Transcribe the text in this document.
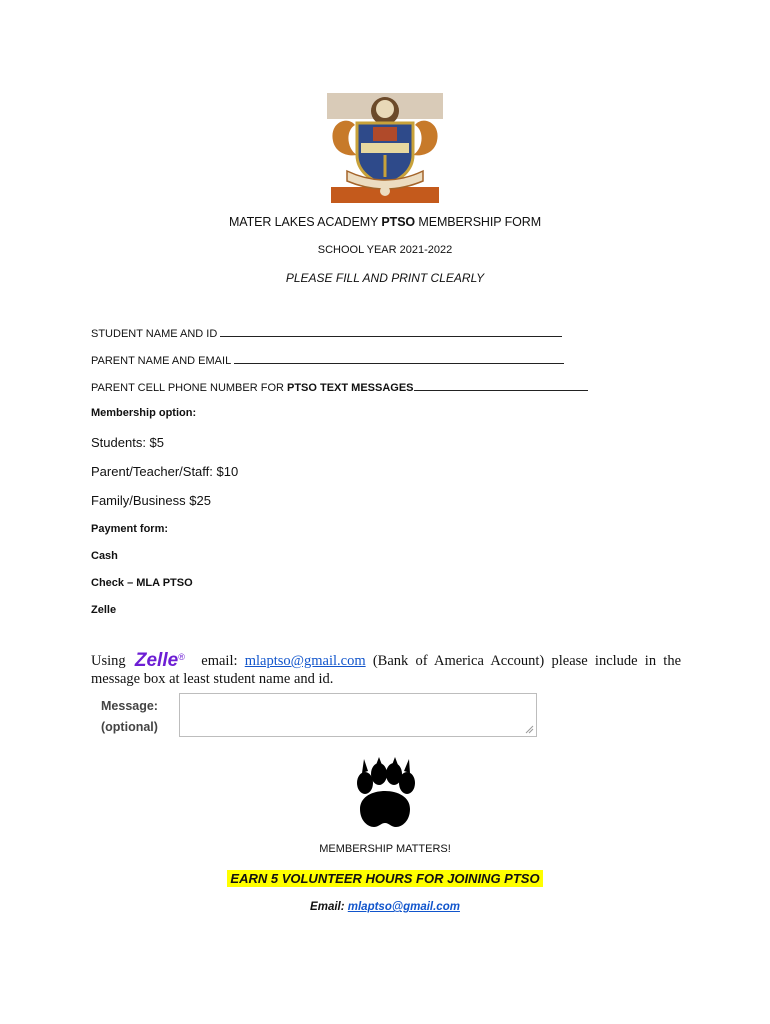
MATER LAKES ACADEMY PTSO MEMBERSHIP FORM
SCHOOL YEAR 2021-2022
PLEASE FILL AND PRINT CLEARLY
STUDENT NAME AND ID
PARENT NAME AND EMAIL
PARENT CELL PHONE NUMBER FOR PTSO TEXT MESSAGES
Membership option:
Students: $5
Parent/Teacher/Staff: $10
Family/Business $25
Payment form:
Cash
Check – MLA PTSO
Zelle
Using Zelle® email: mlaptso@gmail.com (Bank of America Account) please include in the message box at least student name and id.
Message:
(optional)
MEMBERSHIP MATTERS!
EARN 5 VOLUNTEER HOURS FOR JOINING PTSO
Email: mlaptso@gmail.com
